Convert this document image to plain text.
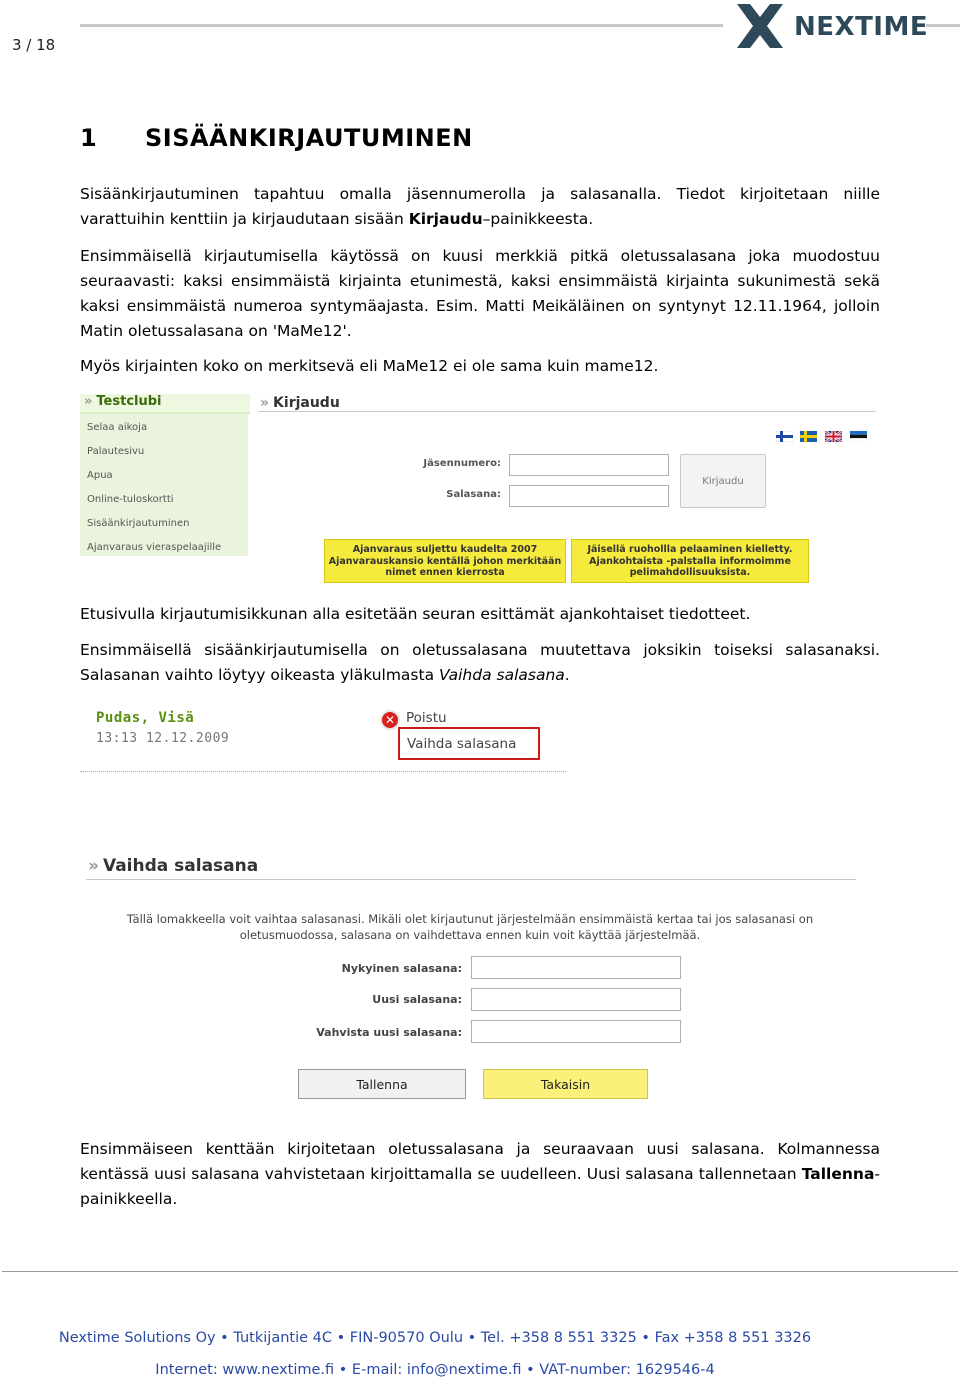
3 / 18
NEXTIME
1 SISÄÄNKIRJAUTUMINEN
Sisäänkirjautuminen tapahtuu omalla jäsennumerolla ja salasanalla. Tiedot kirjoitetaan niille varattuihin kenttiin ja kirjaudutaan sisään Kirjaudu–painikkeesta.
Ensimmäisellä kirjautumisella käytössä on kuusi merkkiä pitkä oletussalasana joka muodostuu seuraavasti: kaksi ensimmäistä kirjainta etunimestä, kaksi ensimmäistä kirjainta sukunimestä sekä kaksi ensimmäistä numeroa syntymäajasta. Esim. Matti Meikäläinen on syntynyt 12.11.1964, jolloin Matin oletussalasana on 'MaMe12'.
Myös kirjainten koko on merkitsevä eli MaMe12 ei ole sama kuin mame12.
» Testclubi
Selaa aikoja
Palautesivu
Apua
Online-tuloskortti
Sisäänkirjautuminen
Ajanvaraus vieraspelaajille
» Kirjaudu
Jäsennumero:
Salasana:
Kirjaudu
Ajanvaraus suljettu kaudelta 2007 Ajanvarauskansio kentällä johon merkitään nimet ennen kierrosta
Jäisellä ruohollla pelaaminen kielletty. Ajankohtaista -palstalla informoimme pelimahdollisuuksista.
Etusivulla kirjautumisikkunan alla esitetään seuran esittämät ajankohtaiset tiedotteet.
Ensimmäisellä sisäänkirjautumisella on oletussalasana muutettava joksikin toiseksi salasanaksi. Salasanan vaihto löytyy oikeasta yläkulmasta Vaihda salasana.
Pudas, Visä
13:13 12.12.2009
✕ Poistu
Vaihda salasana
» Vaihda salasana
Tällä lomakkeella voit vaihtaa salasanasi. Mikäli olet kirjautunut järjestelmään ensimmäistä kertaa tai jos salasanasi on oletusmuodossa, salasana on vaihdettava ennen kuin voit käyttää järjestelmää.
Nykyinen salasana:
Uusi salasana:
Vahvista uusi salasana:
Tallenna	Takaisin
Ensimmäiseen kenttään kirjoitetaan oletussalasana ja seuraavaan uusi salasana. Kolmannessa kentässä uusi salasana vahvistetaan kirjoittamalla se uudelleen. Uusi salasana tallennetaan Tallenna-painikkeella.
Nextime Solutions Oy • Tutkijantie 4C • FIN-90570 Oulu • Tel. +358 8 551 3325 • Fax +358 8 551 3326
Internet: www.nextime.fi • E-mail: info@nextime.fi • VAT-number: 1629546-4
